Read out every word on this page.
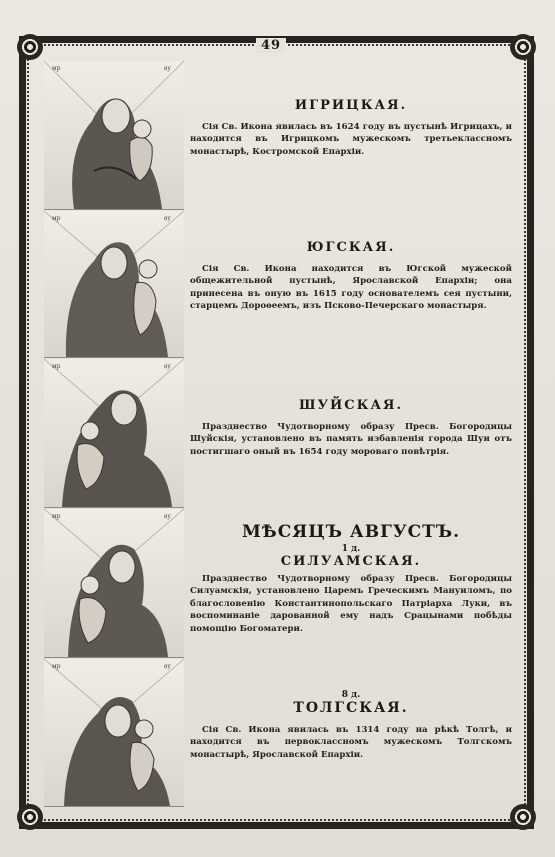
49
мр	ѳу
мр	ѳу
мр	ѳу
мр	ѳу
мр	ѳу

ИГРИЦКАЯ.

Сія Св. Икона явилась въ 1624 году въ пустынѣ Игрицахъ, и находится въ Игрицкомъ мужескомъ третьеклассномъ монастырѣ, Костромской Епархіи.

ЮГСКАЯ.

Сія Св. Икона находится въ Югской мужеской общежительной пустынѣ, Ярославской Епархіи; она принесена въ оную въ 1615 году основателемъ сея пустыни, старцемъ Дороѳеемъ, изъ Псково-Печерскаго монастыря.

ШУЙСКАЯ.

Празднество Чудотворному образу Пресв. Богородицы Шуйскія, установлено въ память избавленія города Шуи отъ постигшаго оный въ 1654 году моровагo повѣтрія.

МѢСЯЦЪ АВГУСТЪ.

1 д.

СИЛУАМСКАЯ.

Празднество Чудотворному образу Пресв. Богородицы Силуамскія, установлено Царемъ Греческимъ Мануиломъ, по благословенію Константинопольскаго Патріарха Луки, въ воспоминаніе дарованной ему надъ Срацынами побѣды помощію Богоматери.

8 д.

ТОЛГСКАЯ.

Сія Св. Икона явилась въ 1314 году на рѣкѣ Толгѣ, и находится въ первоклассномъ мужескомъ Толгскомъ монастырѣ, Ярославской Епархіи.
